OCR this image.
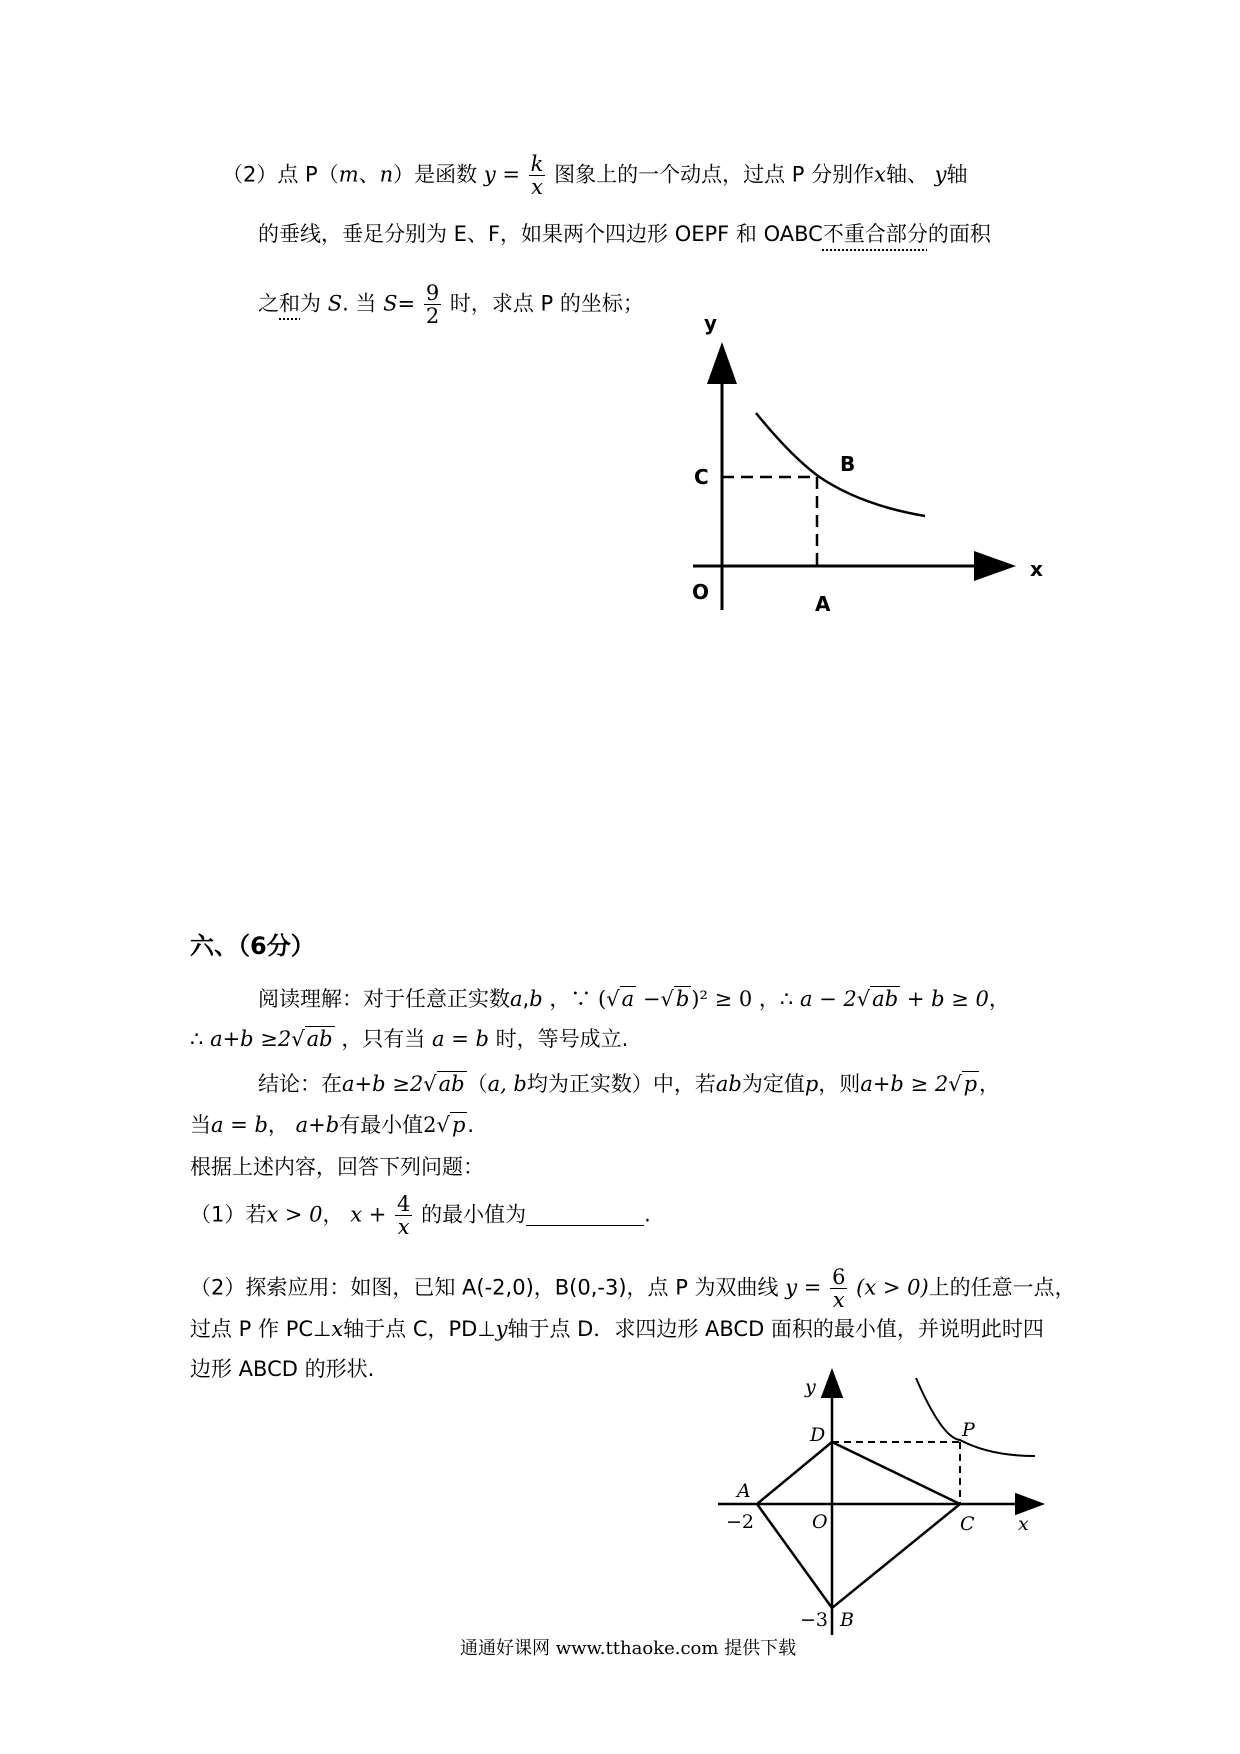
（2）点 P（m、n）是函数 $y = \frac{k}{x}$ 图象上的一个动点，过点 P 分别作x轴、 y轴
的垂线，垂足分别为 E、F，如果两个四边形 OEPF 和 OABC不重合部分的面积
之和为 S. 当 $S= \frac{9}{2}$ 时，求点 P 的坐标；
y
x
O
C
B
A
六、（6分）
阅读理解：对于任意正实数a,b ，∵ (√a −√b)² ≥ 0 ，∴ a − 2√ab + b ≥ 0，
∴ a+b ≥2√ab ，只有当 a = b 时，等号成立.
结论：在a+b ≥2√ab（a, b均为正实数）中，若ab为定值p，则a+b ≥ 2√p，
当a = b， a+b有最小值2√p.
根据上述内容，回答下列问题：
（1）若x > 0， $x + \frac{4}{x}$ 的最小值为	.
（2）探索应用：如图，已知 A(-2,0)，B(0,-3)，点 P 为双曲线 $y = \frac{6}{x} (x > 0)$上的任意一点，
过点 P 作 PC⊥x轴于点 C，PD⊥y轴于点 D．求四边形 ABCD 面积的最小值，并说明此时四
边形 ABCD 的形状.
y
x
O
A
−2	C
D	P
B
−3
通通好课网 www.tthaoke.com 提供下载
